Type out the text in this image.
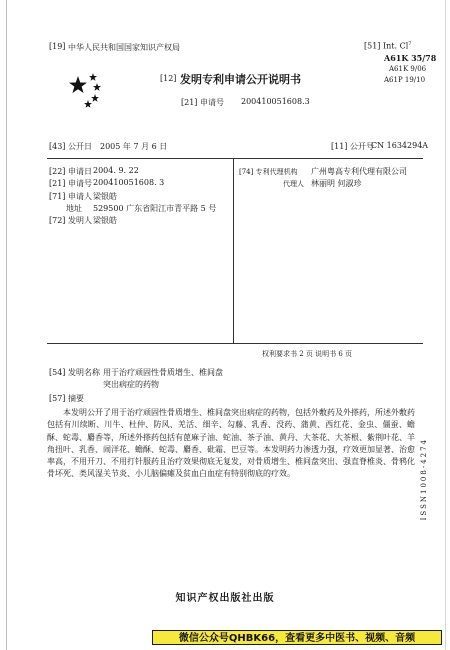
[19] 中华人民共和国国家知识产权局	[51] Int. Cl$^7$
A61K 35/78
A61K 9/06
A61P 19/10
[12] 发明专利申请公开说明书
[21] 申请号 200410051608.3
[43] 公开日 2005 年 7 月 6 日	[11] 公开号
CN 1634294A
[22] 申请日 2004. 9. 22
[21] 申请号 200410051608. 3
[71] 申请人 梁银皓
地址 529500 广东省阳江市青平路 5 号
[72] 发明人 梁银皓
[74] 专利代理机构 广州粤高专利代理有限公司
代理人 林丽明 何淑珍
权利要求书 2 页 说明书 6 页
[54] 发明名称 用于治疗顽固性骨质增生、椎间盘
突出病症的药物
[57] 摘要
本发明公开了用于治疗顽固性骨质增生、椎间盘突出病症的药物，包括外敷药及外搽药，所述外敷药包括有川续断、川牛、杜仲、防风、羌活、细辛、勾藤、乳香、没药、蒲黄、西红花、金虫、僵蚕、蟾酥、蛇毒、麝香等，所述外搽药包括有蓖麻子油、蛇油、茶子油、黄丹、大茶花、大茶根、紫荆叶花、羊角扭叶、乳香、闹洋花、蟾酥、蛇毒、麝香、砒霜、巴豆等。本发明药力渗透力强，疗效更加显著、治愈率高，不用开刀、不用打针服药且治疗效果彻底无复发，对骨质增生、椎间盘突出、强直脊椎炎、骨鸦化骨坏死、类风湿关节炎、小儿脑偏瘫及贫血白血症有特别彻底的疗效。	ISSN1008-4274
知识产权出版社出版
微信公众号QHBK66，查看更多中医书、视频、音频
